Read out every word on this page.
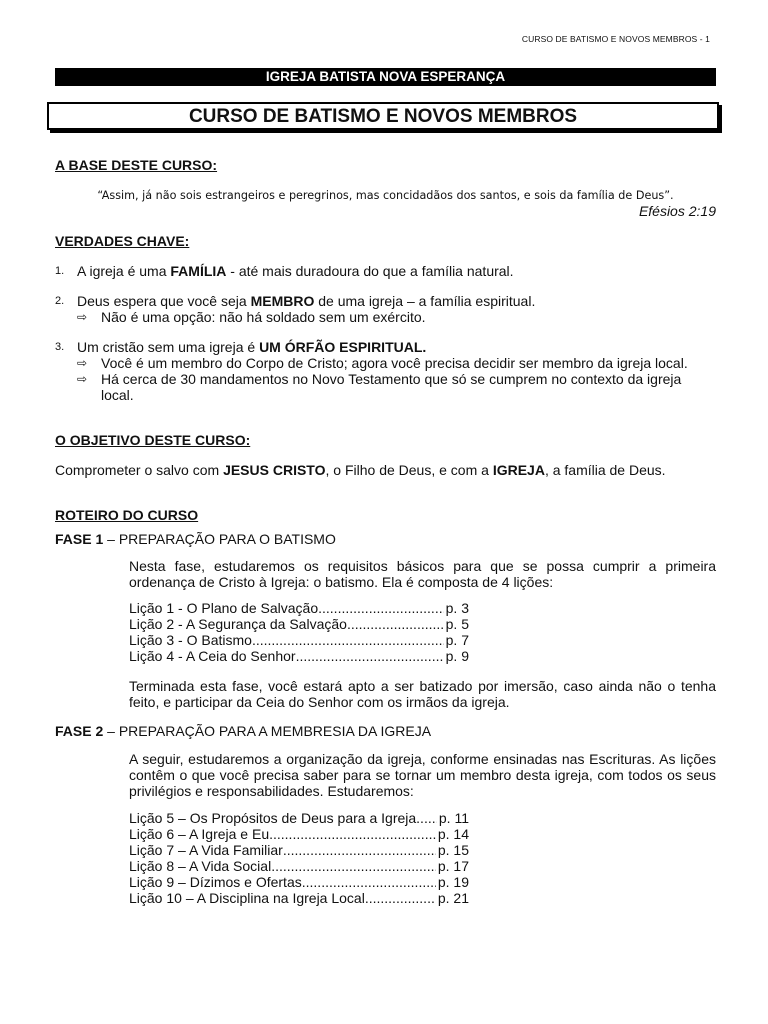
CURSO DE BATISMO E NOVOS MEMBROS - 1
IGREJA BATISTA NOVA ESPERANÇA
CURSO DE BATISMO E NOVOS MEMBROS

A BASE DESTE CURSO:

“Assim, já não sois estrangeiros e peregrinos, mas concidadãos dos santos, e sois da família de Deus”.

Efésios 2:19

VERDADES CHAVE:

1. A igreja é uma FAMÍLIA - até mais duradoura do que a família natural.

2. Deus espera que você seja MEMBRO de uma igreja – a família espiritual.

⇨ Não é uma opção: não há soldado sem um exército.

3. Um cristão sem uma igreja é UM ÓRFÃO ESPIRITUAL.

⇨ Você é um membro do Corpo de Cristo; agora você precisa decidir ser membro da igreja local.

⇨ Há cerca de 30 mandamentos no Novo Testamento que só se cumprem no contexto da igreja local.

O OBJETIVO DESTE CURSO:

Comprometer o salvo com JESUS CRISTO, o Filho de Deus, e com a IGREJA, a família de Deus.

ROTEIRO DO CURSO

FASE 1 – PREPARAÇÃO PARA O BATISMO

Nesta fase, estudaremos os requisitos básicos para que se possa cumprir a primeira ordenança de Cristo à Igreja: o batismo. Ela é composta de 4 lições:

Lição 1 - O Plano de Salvação .....	p. 3
Lição 2 - A Segurança da Salvação .....	p. 5
Lição 3 - O Batismo .....	p. 7
Lição 4 - A Ceia do Senhor .....	p. 9

Terminada esta fase, você estará apto a ser batizado por imersão, caso ainda não o tenha feito, e participar da Ceia do Senhor com os irmãos da igreja.

FASE 2 – PREPARAÇÃO PARA A MEMBRESIA DA IGREJA

A seguir, estudaremos a organização da igreja, conforme ensinadas nas Escrituras. As lições contêm o que você precisa saber para se tornar um membro desta igreja, com todos os seus privilégios e responsabilidades. Estudaremos:

Lição 5 – Os Propósitos de Deus para a Igreja ..... p. 11
Lição 6 – A Igreja e Eu .....	p. 14
Lição 7 – A Vida Familiar .....	p. 15
Lição 8 – A Vida Social .....	p. 17
Lição 9 – Dízimos e Ofertas .....	p. 19
Lição 10 – A Disciplina na Igreja Local .....	p. 21
